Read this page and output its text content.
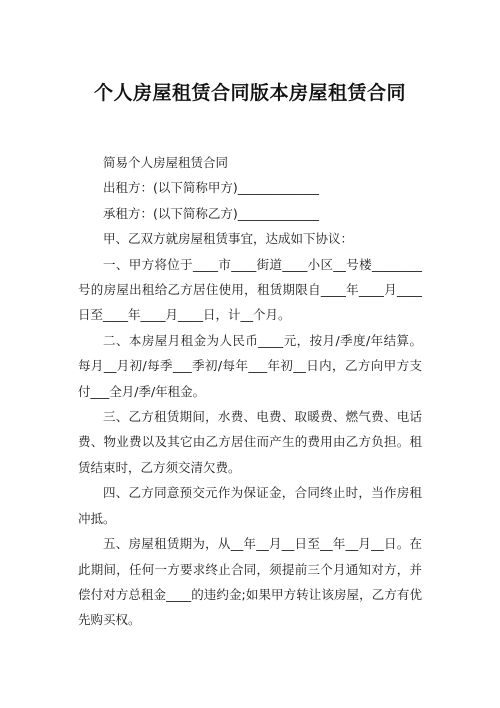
个人房屋租赁合同版本房屋租赁合同

简易个人房屋租赁合同

出租方：(以下简称甲方)_____________

承租方：(以下简称乙方)_____________

甲、乙双方就房屋租赁事宜，达成如下协议：

一、甲方将位于____市____街道____小区__号楼________号的房屋出租给乙方居住使用，租赁期限自____年____月____日至____年____月____日，计__个月。

二、本房屋月租金为人民币____元，按月/季度/年结算。每月__月初/每季___季初/每年___年初__日内，乙方向甲方支付___全月/季/年租金。

三、乙方租赁期间，水费、电费、取暖费、燃气费、电话费、物业费以及其它由乙方居住而产生的费用由乙方负担。租赁结束时，乙方须交清欠费。

四、乙方同意预交元作为保证金，合同终止时，当作房租冲抵。

五、房屋租赁期为，从__年__月__日至__年__月__日。在此期间，任何一方要求终止合同，须提前三个月通知对方，并偿付对方总租金____的违约金;如果甲方转让该房屋，乙方有优先购买权。
